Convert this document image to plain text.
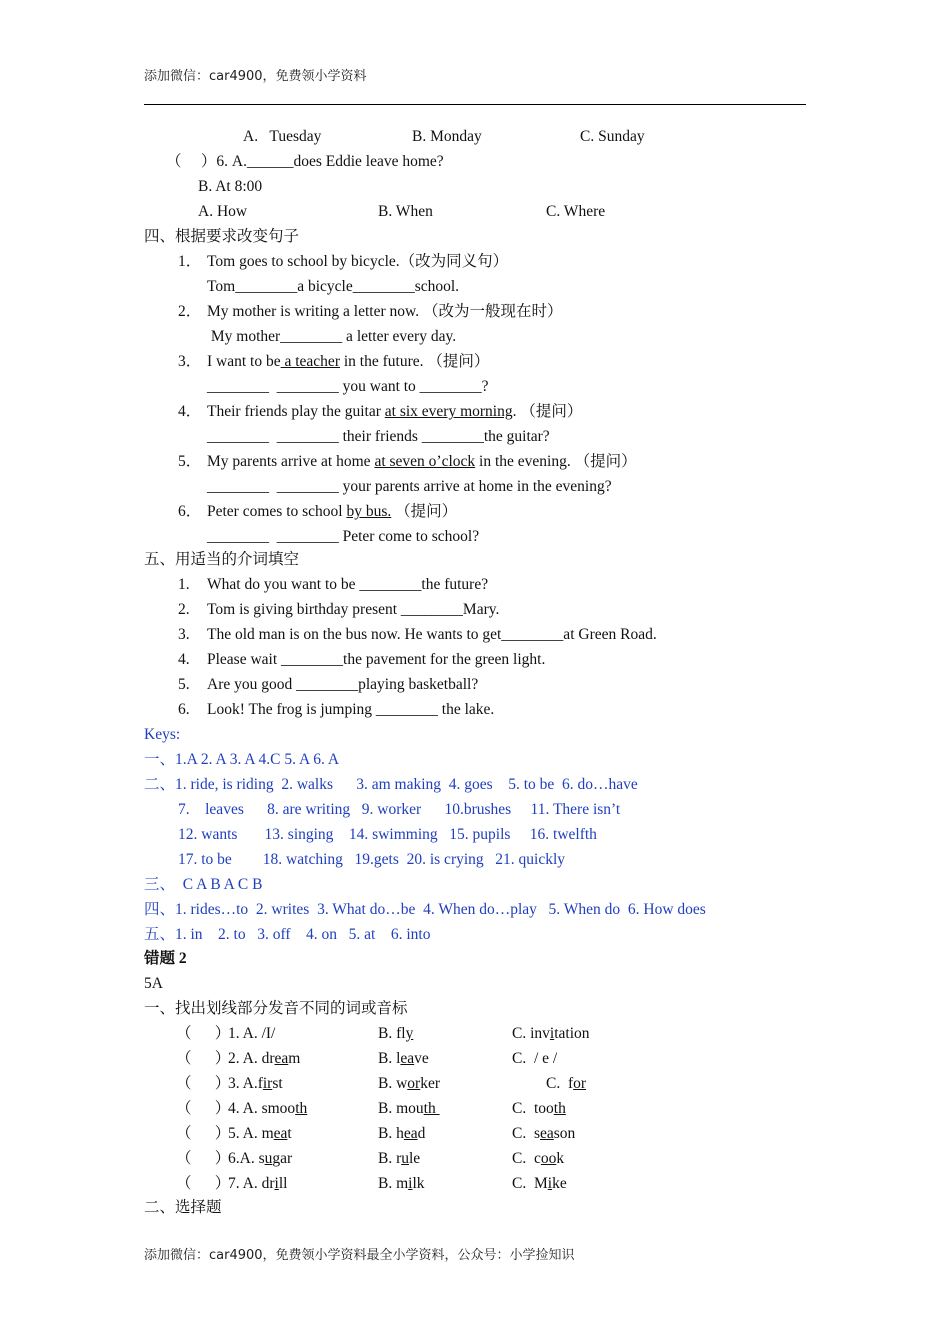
添加微信：car4900，免费领小学资料
A.   Tuesday	B. Monday	C. Sunday
（     ）6. A.______does Eddie leave home?
B. At 8:00
A. How	B. When	C. Where
四、根据要求改变句子
1． Tom goes to school by bicycle.（改为同义句）
Tom________a bicycle________school.
2． My mother is writing a letter now. （改为一般现在时）
My mother________ a letter every day.
3． I want to be a teacher in the future. （提问）
________  ________ you want to ________?
4． Their friends play the guitar at six every morning. （提问）
________  ________ their friends ________the guitar?
5． My parents arrive at home at seven o’clock in the evening. （提问）
________  ________ your parents arrive at home in the evening?
6． Peter comes to school by bus. （提问）
________  ________ Peter come to school?
五、用适当的介词填空
1. What do you want to be ________the future?
2. Tom is giving birthday present ________Mary.
3. The old man is on the bus now. He wants to get________at Green Road.
4. Please wait ________the pavement for the green light.
5. Are you good ________playing basketball?
6. Look! The frog is jumping ________ the lake.
Keys:
一、1.A 2. A 3. A 4.C 5. A 6. A
二、1. ride, is riding  2. walks      3. am making  4. goes    5. to be  6. do…have
7.    leaves      8. are writing   9. worker      10.brushes     11. There isn’t
12. wants       13. singing    14. swimming   15. pupils     16. twelfth
17. to be        18. watching   19.gets  20. is crying   21. quickly
三、  C A B A C B
四、1. rides…to  2. writes  3. What do…be  4. When do…play   5. When do  6. How does
五、1. in    2. to   3. off    4. on   5. at    6. into
错题 2
5A
一、找出划线部分发音不同的词或音标
（      ）
1. A. /I/	B. fly	C. invitation
（      ）
2. A. dream	B. leave	C.  / e /
（      ）
3. A.first	B. worker	C.  for
（      ）
4. A. smooth	B. mouth	C.  tooth
（      ）
5. A. meat	B. head	C.  season
（      ）
6.A. sugar	B. rule	C.  cook
（      ）
7. A. drill	B. milk	C.  Mike
二、选择题
添加微信：car4900，免费领小学资料最全小学资料，公众号：小学捡知识
